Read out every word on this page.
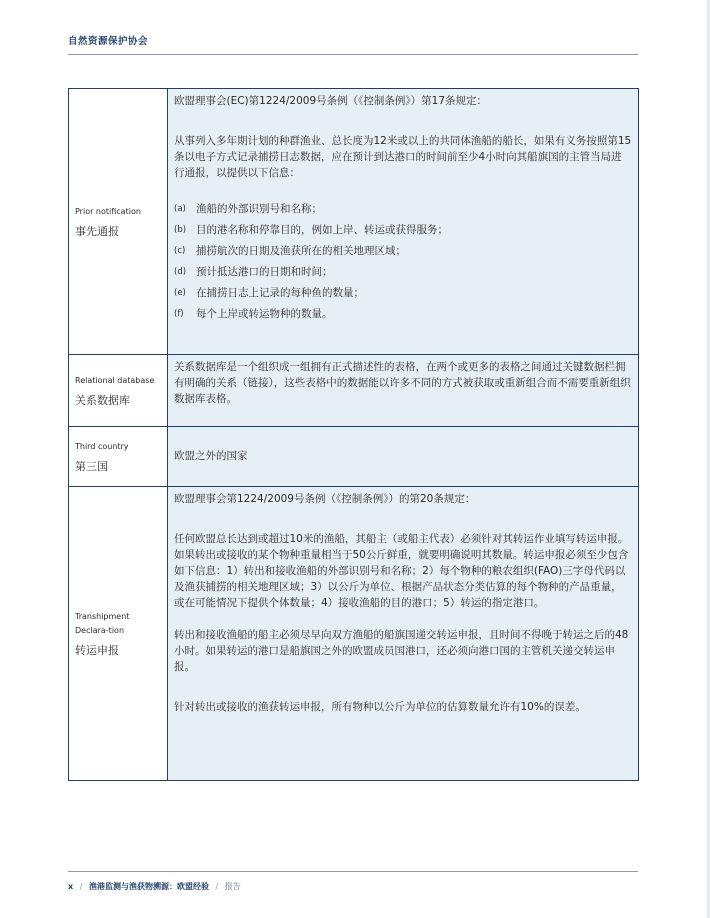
自然资源保护协会
Prior notification
事先通报

欧盟理事会(EC)第1224/2009号条例（《控制条例》）第17条规定：

从事列入多年期计划的种群渔业、总长度为12米或以上的共同体渔船的船长，如果有义务按照第15条以电子方式记录捕捞日志数据，应在预计到达港口的时间前至少4小时向其船旗国的主管当局进行通报，以提供以下信息：

(a) 渔船的外部识别号和名称；
(b) 目的港名称和停靠目的，例如上岸、转运或获得服务；
(c)	捕捞航次的日期及渔获所在的相关地理区域；
(d) 预计抵达港口的日期和时间；
(e) 在捕捞日志上记录的每种鱼的数量；
(f)	每个上岸或转运物种的数量。
Relational database
关系数据库

关系数据库是一个组织成一组拥有正式描述性的表格，在两个或更多的表格之间通过关键数据栏拥有明确的关系（链接），这些表格中的数据能以许多不同的方式被获取或重新组合而不需要重新组织数据库表格。

Third country
第三国

欧盟之外的国家

Transhipment Declara-tion
转运申报

欧盟理事会第1224/2009号条例（《控制条例》）的第20条规定：

任何欧盟总长达到或超过10米的渔船，其船主（或船主代表）必须针对其转运作业填写转运申报。如果转出或接收的某个物种重量相当于50公斤鲜重，就要明确说明其数量。转运申报必须至少包含如下信息：1）转出和接收渔船的外部识别号和名称；2）每个物种的粮农组织(FAO)三字母代码以及渔获捕捞的相关地理区域；3）以公斤为单位、根据产品状态分类估算的每个物种的产品重量，或在可能情况下提供个体数量；4）接收渔船的目的港口；5）转运的指定港口。

转出和接收渔船的船主必须尽早向双方渔船的船旗国递交转运申报，且时间不得晚于转运之后的48小时。如果转运的港口是船旗国之外的欧盟成员国港口，还必须向港口国的主管机关递交转运申报。

针对转出或接收的渔获转运申报，所有物种以公斤为单位的估算数量允许有10%的误差。

x / 渔港监测与渔获物溯源：欧盟经验 / 报告
